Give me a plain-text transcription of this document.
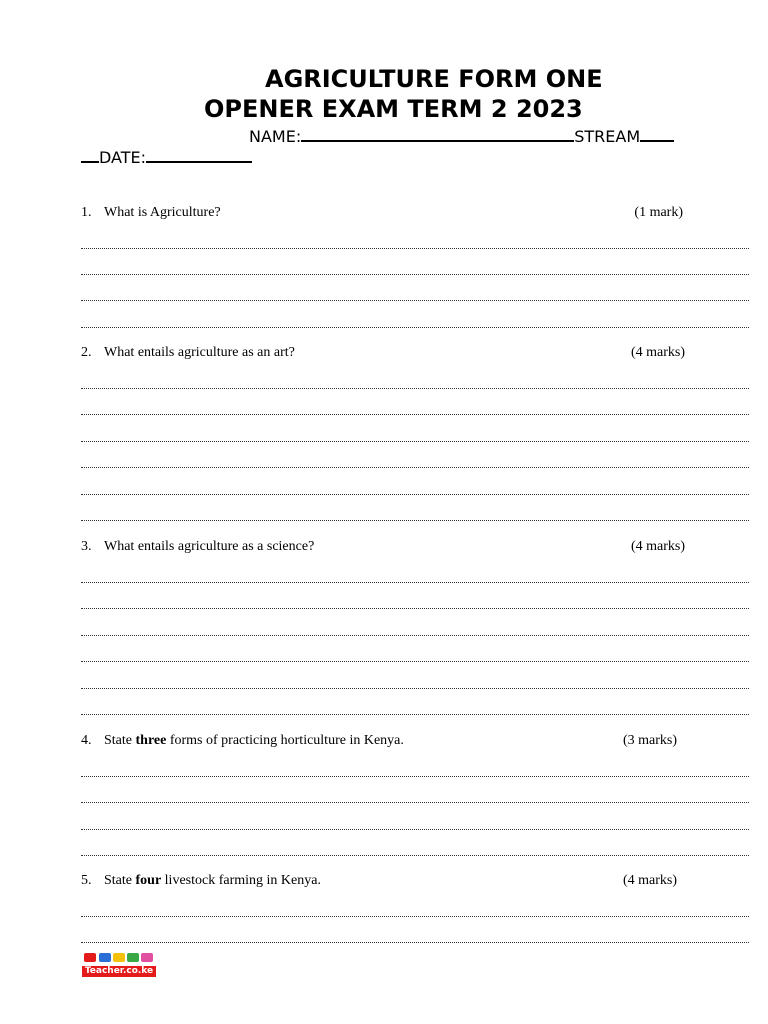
AGRICULTURE FORM ONE
OPENER EXAM TERM 2 2023
NAME:	STREAM
DATE:
1. What is Agriculture?	(1 mark)
2. What entails agriculture as an art?	(4 marks)
3. What entails agriculture as a science?	(4 marks)
4. State three forms of practicing horticulture in Kenya.	(3 marks)
5. State four livestock farming in Kenya.	(4 marks)
Teacher.co.ke
